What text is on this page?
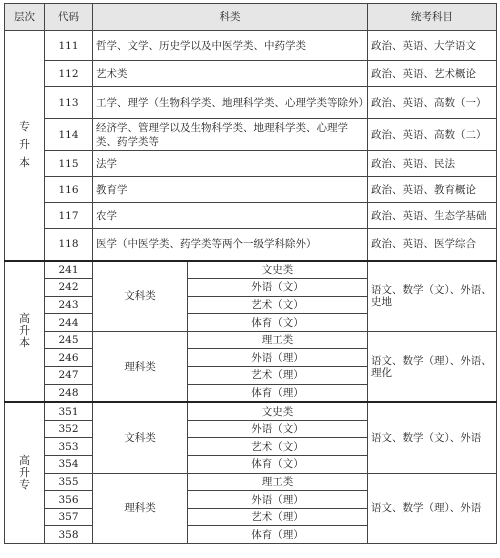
层次	代码	科类		统考科目

专升本	111	哲学、文学、历史学以及中医学类、中药学类		政治、英语、大学语文
	112	艺术类		政治、英语、艺术概论
	113	工学、理学（生物科学类、地理科学类、心理学类等除外）		政治、英语、高数（一）
	114	经济学、管理学以及生物科学类、地理科学类、心理学类、药学类等		政治、英语、高数（二）
	115	法学		政治、英语、民法
	116	教育学		政治、英语、教育概论
	117	农学		政治、英语、生态学基础
	118	医学（中医学类、药学类等两个一级学科除外）		政治、英语、医学综合

高
升
本	241	文科类	文史类	语文、数学（文）、外语、史地
	242		外语（文）	
	243		艺术（文）	
	244		体育（文）	
	245	理科类	理工类	语文、数学（理）、外语、理化
	246		外语（理）	
	247		艺术（理）	
	248		体育（理）	

高
升
专	351	文科类	文史类	语文、数学（文）、外语
	352		外语（文）	
	353		艺术（文）	
	354		体育（文）	
	355	理科类	理工类	语文、数学（理）、外语
	356		外语（理）	
	357		艺术（理）	
	358		体育（理）	
